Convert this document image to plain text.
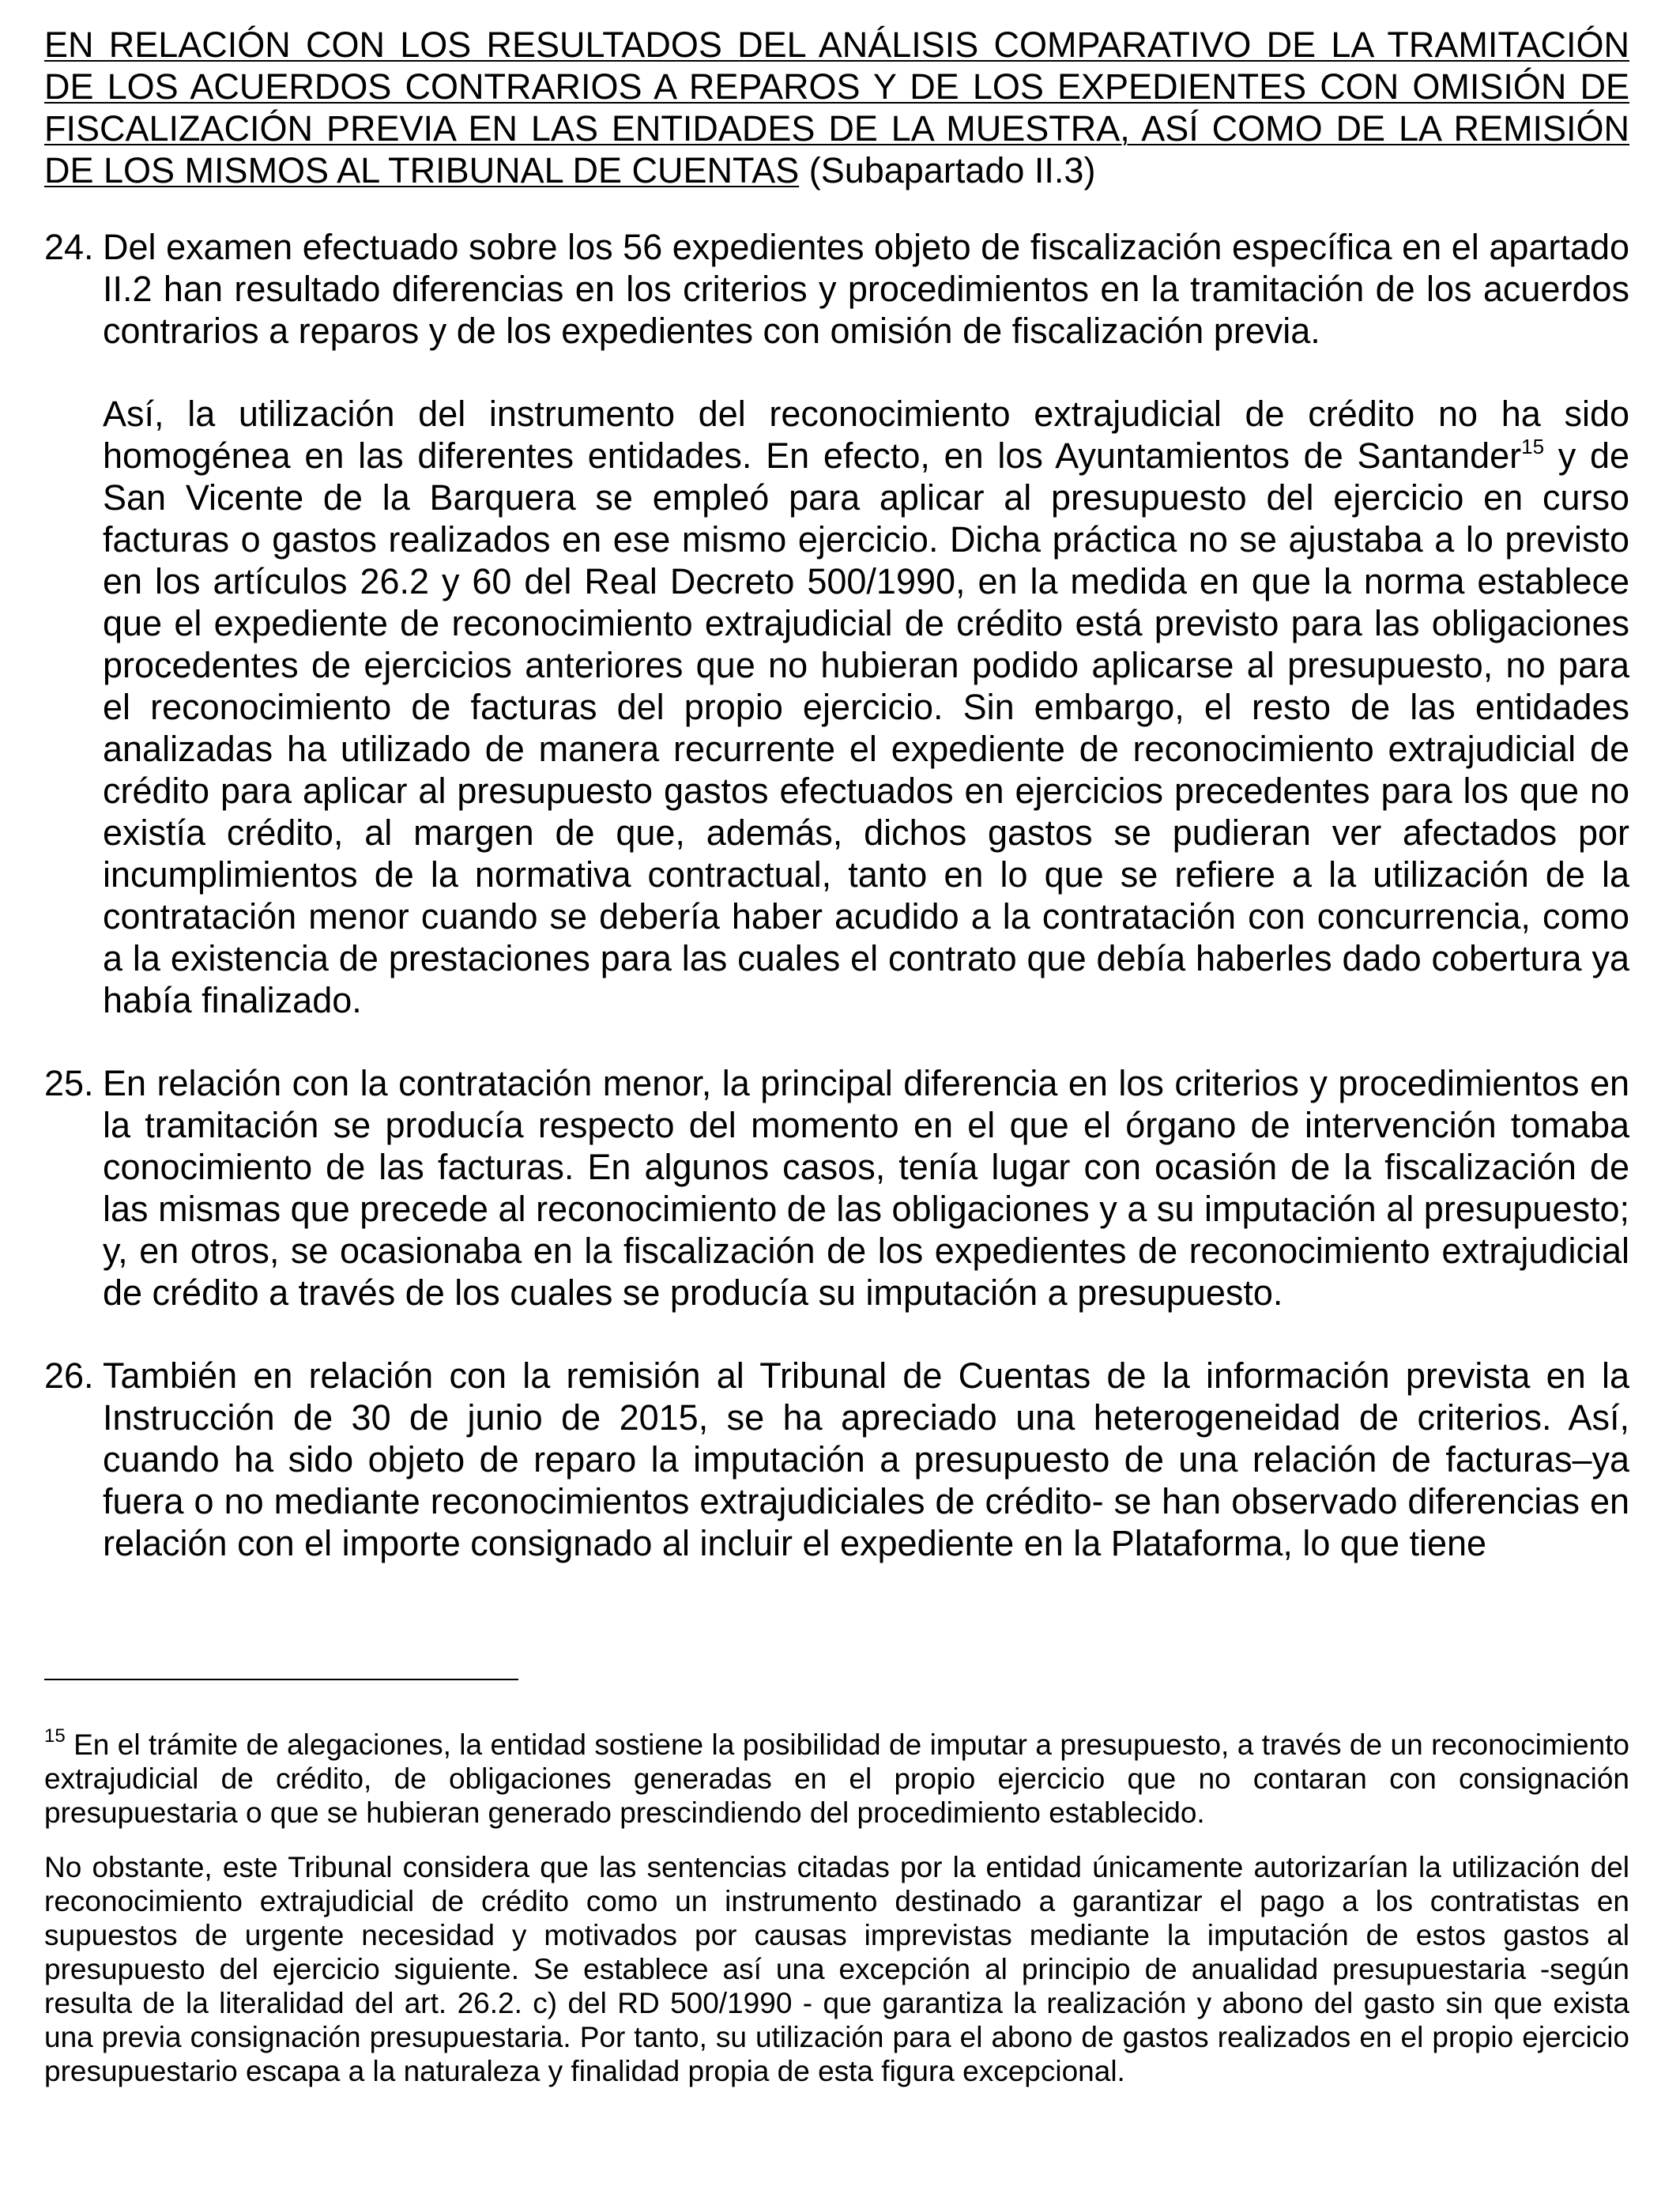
EN RELACIÓN CON LOS RESULTADOS DEL ANÁLISIS COMPARATIVO DE LA TRAMITACIÓN DE LOS ACUERDOS CONTRARIOS A REPAROS Y DE LOS EXPEDIENTES CON OMISIÓN DE FISCALIZACIÓN PREVIA EN LAS ENTIDADES DE LA MUESTRA, ASÍ COMO DE LA REMISIÓN DE LOS MISMOS AL TRIBUNAL DE CUENTAS (Subapartado II.3)
24. Del examen efectuado sobre los 56 expedientes objeto de fiscalización específica en el apartado II.2 han resultado diferencias en los criterios y procedimientos en la tramitación de los acuerdos contrarios a reparos y de los expedientes con omisión de fiscalización previa.

Así, la utilización del instrumento del reconocimiento extrajudicial de crédito no ha sido homogénea en las diferentes entidades. En efecto, en los Ayuntamientos de Santander$^{15}$ y de San Vicente de la Barquera se empleó para aplicar al presupuesto del ejercicio en curso facturas o gastos realizados en ese mismo ejercicio. Dicha práctica no se ajustaba a lo previsto en los artículos 26.2 y 60 del Real Decreto 500/1990, en la medida en que la norma establece que el expediente de reconocimiento extrajudicial de crédito está previsto para las obligaciones procedentes de ejercicios anteriores que no hubieran podido aplicarse al presupuesto, no para el reconocimiento de facturas del propio ejercicio. Sin embargo, el resto de las entidades analizadas ha utilizado de manera recurrente el expediente de reconocimiento extrajudicial de crédito para aplicar al presupuesto gastos efectuados en ejercicios precedentes para los que no existía crédito, al margen de que, además, dichos gastos se pudieran ver afectados por incumplimientos de la normativa contractual, tanto en lo que se refiere a la utilización de la contratación menor cuando se debería haber acudido a la contratación con concurrencia, como a la existencia de prestaciones para las cuales el contrato que debía haberles dado cobertura ya había finalizado.

25. En relación con la contratación menor, la principal diferencia en los criterios y procedimientos en la tramitación se producía respecto del momento en el que el órgano de intervención tomaba conocimiento de las facturas. En algunos casos, tenía lugar con ocasión de la fiscalización de las mismas que precede al reconocimiento de las obligaciones y a su imputación al presupuesto; y, en otros, se ocasionaba en la fiscalización de los expedientes de reconocimiento extrajudicial de crédito a través de los cuales se producía su imputación a presupuesto.

26. También en relación con la remisión al Tribunal de Cuentas de la información prevista en la Instrucción de 30 de junio de 2015, se ha apreciado una heterogeneidad de criterios. Así, cuando ha sido objeto de reparo la imputación a presupuesto de una relación de facturas–ya fuera o no mediante reconocimientos extrajudiciales de crédito- se han observado diferencias en relación con el importe consignado al incluir el expediente en la Plataforma, lo que tiene

$^{15}$ En el trámite de alegaciones, la entidad sostiene la posibilidad de imputar a presupuesto, a través de un reconocimiento extrajudicial de crédito, de obligaciones generadas en el propio ejercicio que no contaran con consignación presupuestaria o que se hubieran generado prescindiendo del procedimiento establecido.

No obstante, este Tribunal considera que las sentencias citadas por la entidad únicamente autorizarían la utilización del reconocimiento extrajudicial de crédito como un instrumento destinado a garantizar el pago a los contratistas en supuestos de urgente necesidad y motivados por causas imprevistas mediante la imputación de estos gastos al presupuesto del ejercicio siguiente. Se establece así una excepción al principio de anualidad presupuestaria -según resulta de la literalidad del art. 26.2. c) del RD 500/1990 - que garantiza la realización y abono del gasto sin que exista una previa consignación presupuestaria. Por tanto, su utilización para el abono de gastos realizados en el propio ejercicio presupuestario escapa a la naturaleza y finalidad propia de esta figura excepcional.
